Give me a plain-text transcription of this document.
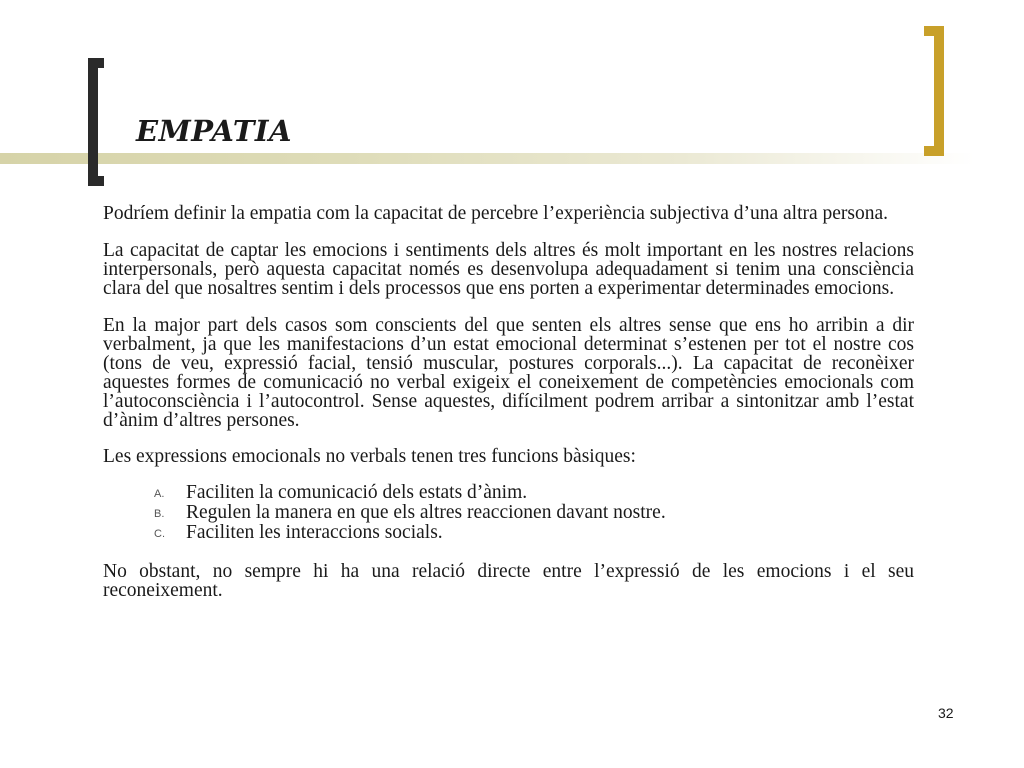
EMPATIA

Podríem definir la empatia com la capacitat de percebre l’experiència subjectiva d’una altra persona.

La capacitat de captar les emocions i sentiments dels altres és molt important en les nostres relacions interpersonals, però aquesta capacitat només es desenvolupa adequadament si tenim una consciència clara del que nosaltres sentim i dels processos que ens porten a experimentar determinades emocions.

En la major part dels casos som conscients del que senten els altres sense que ens ho arribin a dir verbalment, ja que les manifestacions d’un estat emocional determinat s’estenen per tot el nostre cos (tons de veu, expressió facial, tensió muscular, postures corporals...). La capacitat de reconèixer aquestes formes de comunicació no verbal exigeix el coneixement de competències emocionals com l’autoconsciència i l’autocontrol. Sense aquestes, difícilment podrem arribar a sintonitzar amb l’estat d’ànim d’altres persones.

Les expressions emocionals no verbals tenen tres funcions bàsiques:

A. Faciliten la comunicació dels estats d’ànim.
B. Regulen la manera en que els altres reaccionen davant nostre.
C. Faciliten les interaccions socials.

No obstant, no sempre hi ha una relació directe entre l’expressió de les emocions i el seu reconeixement.

32
